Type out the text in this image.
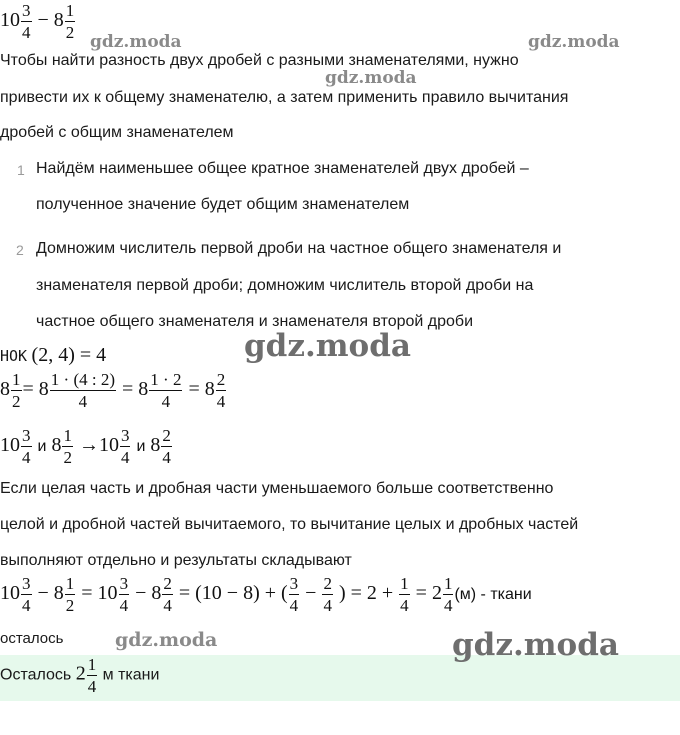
$10 \frac{3}{4} - 8 \frac{1}{2}$
gdz.moda	gdz.moda
Чтобы найти разность двух дробей с разными знаменателями, нужно
gdz.moda
привести их к общему знаменателю, а затем применить правило вычитания
дробей с общим знаменателем
1 Найдём наименьшее общее кратное знаменателей двух дробей –
полученное значение будет общим знаменателем
2 Домножим числитель первой дроби на частное общего знаменателя и
знаменателя первой дроби; домножим числитель второй дроби на
частное общего знаменателя и знаменателя второй дроби
НОК (2, 4) = 4	gdz.moda
$8 \frac{1}{2} = 8 \frac{1 \cdot (4 : 2)}{4} = 8 \frac{1 \cdot 2}{4} = 8 \frac{2}{4}$
$10 \frac{3}{4}$ и $8 \frac{1}{2} \to 10 \frac{3}{4}$ и $8 \frac{2}{4}$
Если целая часть и дробная части уменьшаемого больше соответственно
целой и дробной частей вычитаемого, то вычитание целых и дробных частей
выполняют отдельно и результаты складывают
$10 \frac{3}{4} - 8 \frac{1}{2} = 10 \frac{3}{4} - 8 \frac{2}{4} = (10 - 8)$ + ( $\frac{3}{4} - \frac{2}{4}$ ) = $2 + \frac{1}{4} = 2 \frac{1}{4} (м)$ - ткани
осталось	gdz.moda	gdz.moda
Осталось $2 \frac{1}{4}$ м ткани
